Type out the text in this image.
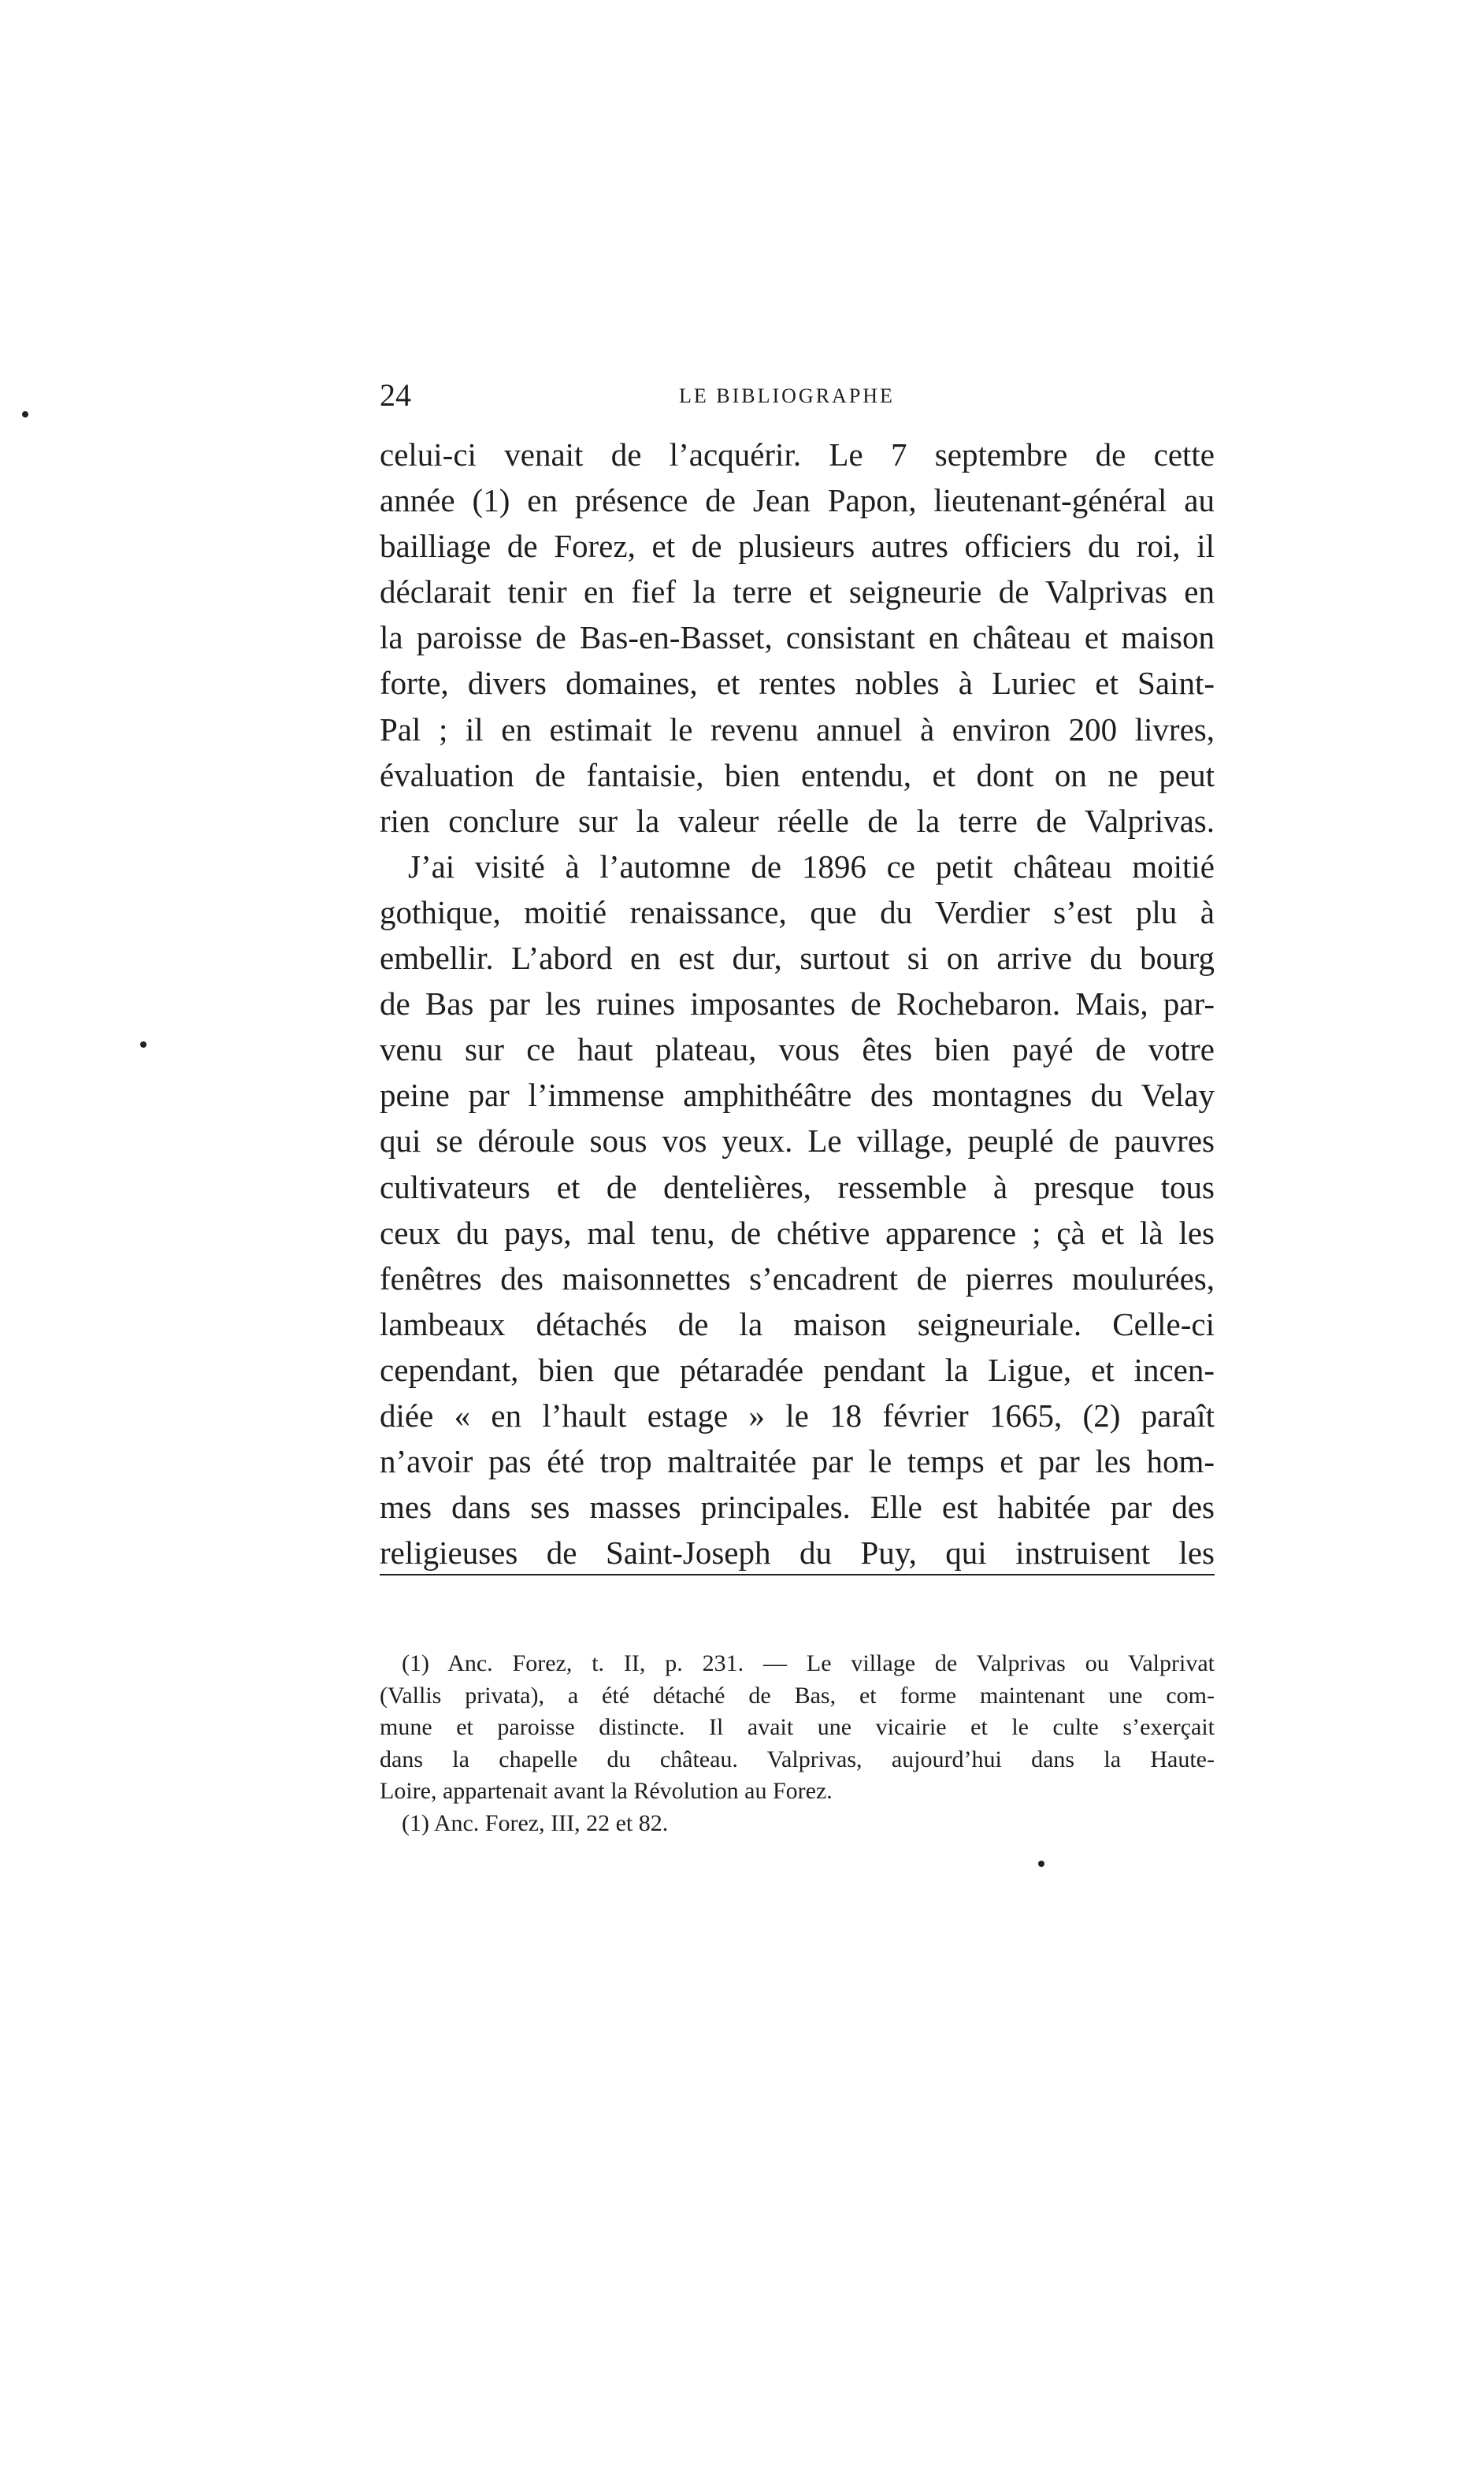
24	LE BIBLIOGRAPHE
celui-ci venait de l’acquérir. Le 7 septembre de cette
année (1) en présence de Jean Papon, lieutenant-général au
bailliage de Forez, et de plusieurs autres officiers du roi, il
déclarait tenir en fief la terre et seigneurie de Valprivas en
la paroisse de Bas-en-Basset, consistant en château et maison
forte, divers domaines, et rentes nobles à Luriec et Saint-
Pal ; il en estimait le revenu annuel à environ 200 livres,
évaluation de fantaisie, bien entendu, et dont on ne peut
rien conclure sur la valeur réelle de la terre de Valprivas.
J’ai visité à l’automne de 1896 ce petit château moitié
gothique, moitié renaissance, que du Verdier s’est plu à
embellir. L’abord en est dur, surtout si on arrive du bourg
de Bas par les ruines imposantes de Rochebaron. Mais, par-
venu sur ce haut plateau, vous êtes bien payé de votre
peine par l’immense amphithéâtre des montagnes du Velay
qui se déroule sous vos yeux. Le village, peuplé de pauvres
cultivateurs et de dentelières, ressemble à presque tous
ceux du pays, mal tenu, de chétive apparence ; çà et là les
fenêtres des maisonnettes s’encadrent de pierres moulurées,
lambeaux détachés de la maison seigneuriale. Celle-ci
cependant, bien que pétaradée pendant la Ligue, et incen-
diée « en l’hault estage » le 18 février 1665, (2) paraît
n’avoir pas été trop maltraitée par le temps et par les hom-
mes dans ses masses principales. Elle est habitée par des
religieuses de Saint-Joseph du Puy, qui instruisent les
(1) Anc. Forez, t. II, p. 231. — Le village de Valprivas ou Valprivat
(Vallis privata), a été détaché de Bas, et forme maintenant une com-
mune et paroisse distincte. Il avait une vicairie et le culte s’exerçait
dans la chapelle du château. Valprivas, aujourd’hui dans la Haute-
Loire, appartenait avant la Révolution au Forez.
(1) Anc. Forez, III, 22 et 82.
